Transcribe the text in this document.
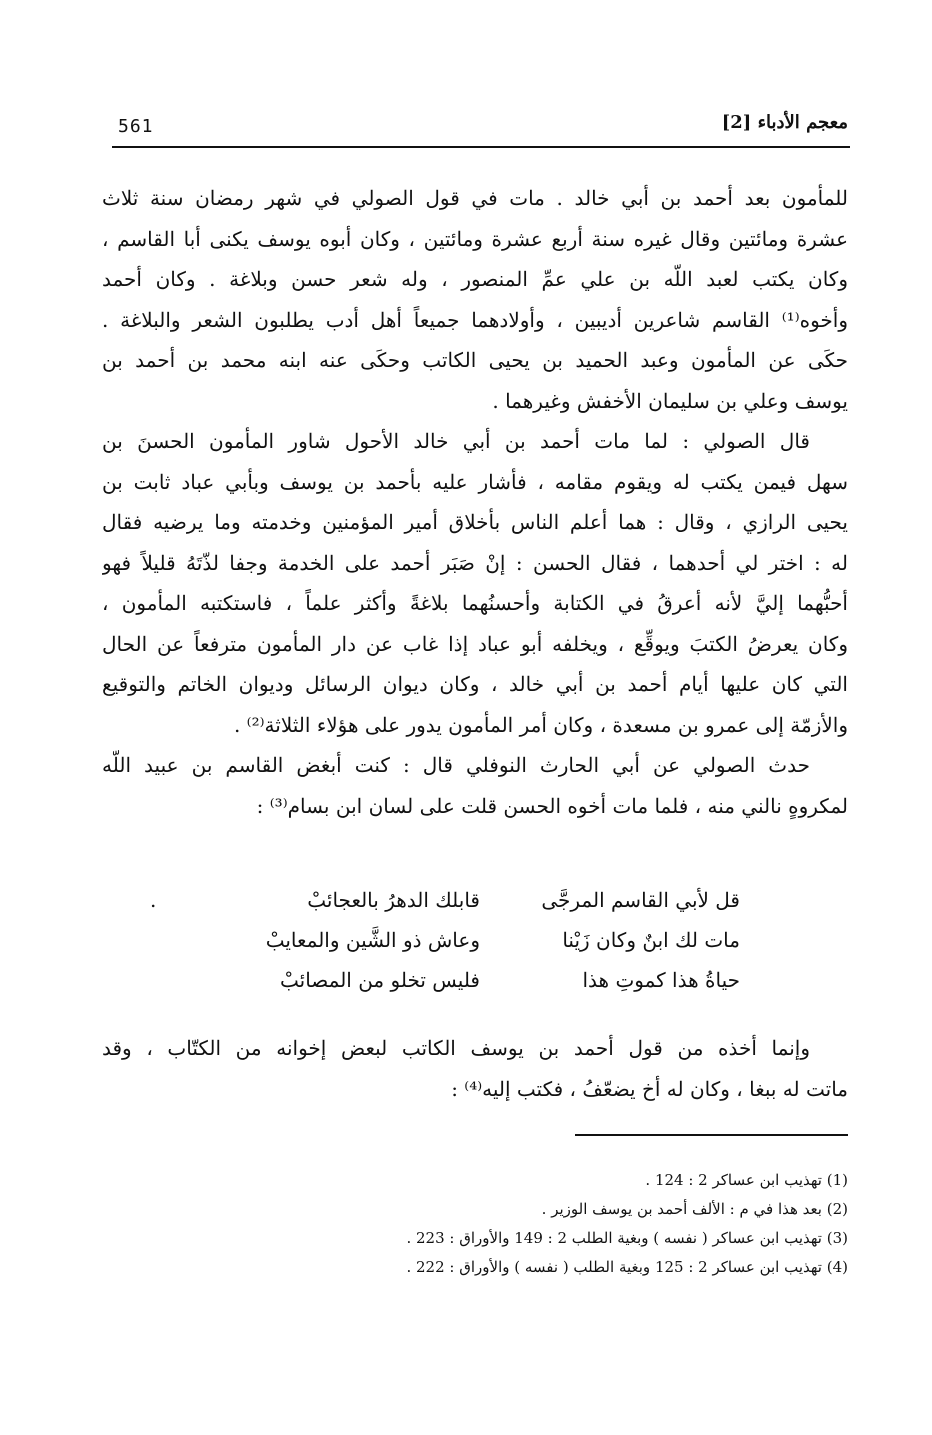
561	معجم الأدباء [2]
للمأمون بعد أحمد بن أبي خالد . مات في قول الصولي في شهر رمضان سنة ثلاث
عشرة ومائتين وقال غيره سنة أربع عشرة ومائتين ، وكان أبوه يوسف يكنى أبا القاسم ،
وكان يكتب لعبد اللّه بن علي عمِّ المنصور ، وله شعر حسن وبلاغة . وكان أحمد
وأخوه⁽¹⁾ القاسم شاعرين أديبين ، وأولادهما جميعاً أهل أدب يطلبون الشعر والبلاغة .
حكَى عن المأمون وعبد الحميد بن يحيى الكاتب وحكَى عنه ابنه محمد بن أحمد بن
يوسف وعلي بن سليمان الأخفش وغيرهما .
قال الصولي : لما مات أحمد بن أبي خالد الأحول شاور المأمون الحسنَ بن
سهل فيمن يكتب له ويقوم مقامه ، فأشار عليه بأحمد بن يوسف وبأبي عباد ثابت بن
يحيى الرازي ، وقال : هما أعلم الناس بأخلاق أمير المؤمنين وخدمته وما يرضيه فقال
له : اختر لي أحدهما ، فقال الحسن : إنْ صَبَر أحمد على الخدمة وجفا لذّتَهُ قليلاً فهو
أحبُّهما إليَّ لأنه أعرقُ في الكتابة وأحسنُهما بلاغةً وأكثر علماً ، فاستكتبه المأمون ،
وكان يعرضُ الكتبَ ويوقِّع ، ويخلفه أبو عباد إذا غاب عن دار المأمون مترفعاً عن الحال
التي كان عليها أيام أحمد بن أبي خالد ، وكان ديوان الرسائل وديوان الخاتم والتوقيع
والأزمّة إلى عمرو بن مسعدة ، وكان أمر المأمون يدور على هؤلاء الثلاثة⁽²⁾ .
حدث الصولي عن أبي الحارث النوفلي قال : كنت أبغض القاسم بن عبيد اللّه
لمكروهٍ نالني منه ، فلما مات أخوه الحسن قلت على لسان ابن بسام⁽³⁾ :
قل لأبي القاسم المرجَّى
قابلك الدهرُ بالعجائبْ
.
مات لك ابنٌ وكان زَيْنا
وعاش ذو الشَّين والمعايبْ
حياةُ هذا كموتِ هذا
فليس تخلو من المصائبْ
وإنما أخذه من قول أحمد بن يوسف الكاتب لبعض إخوانه من الكتّاب ، وقد
ماتت له ببغا ، وكان له أخ يضعّفُ ، فكتب إليه⁽⁴⁾ :
(1) تهذيب ابن عساكر 2 : 124 .
(2) بعد هذا في م : الألف أحمد بن يوسف الوزير .
(3) تهذيب ابن عساكر ( نفسه ) وبغية الطلب 2 : 149 والأوراق : 223 .
(4) تهذيب ابن عساكر 2 : 125 وبغية الطلب ( نفسه ) والأوراق : 222 .
